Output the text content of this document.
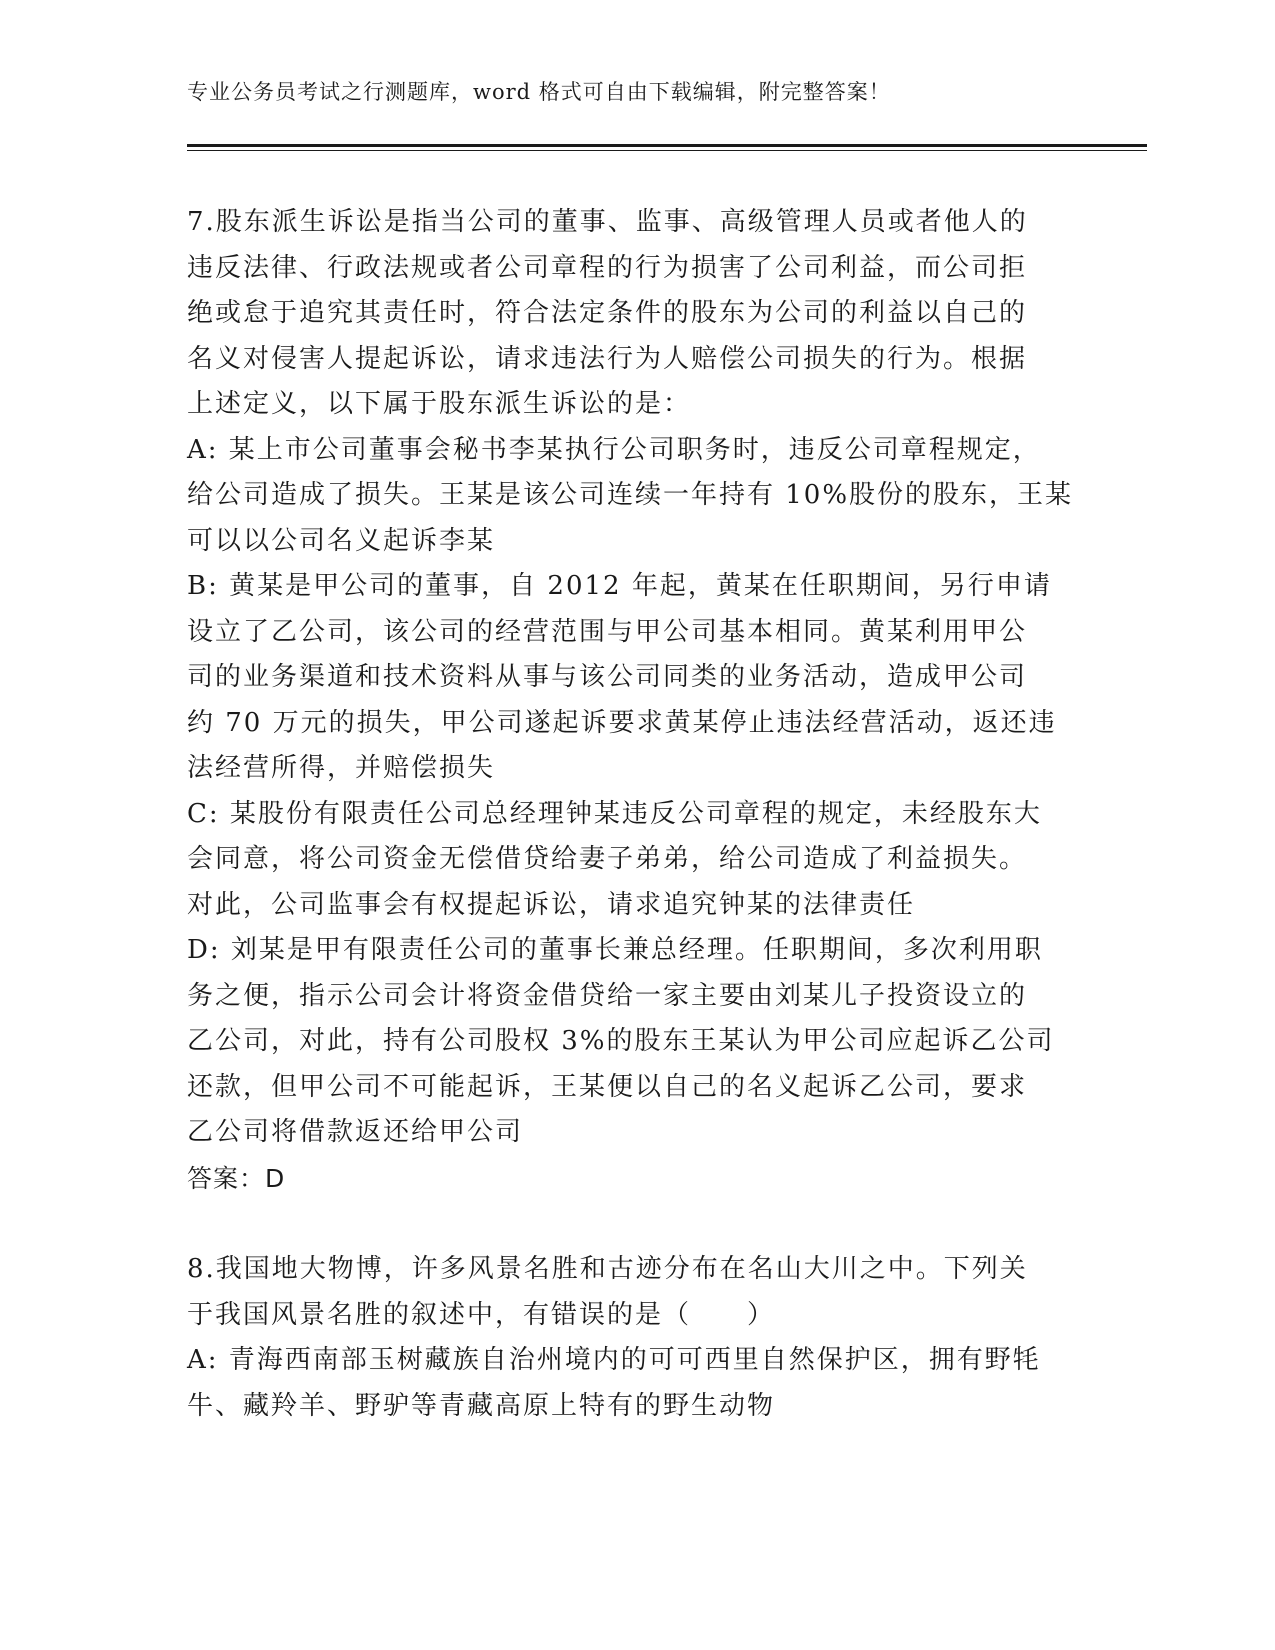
专业公务员考试之行测题库，word 格式可自由下载编辑，附完整答案！
7.股东派生诉讼是指当公司的董事、监事、高级管理人员或者他人的
违反法律、行政法规或者公司章程的行为损害了公司利益，而公司拒
绝或怠于追究其责任时，符合法定条件的股东为公司的利益以自己的
名义对侵害人提起诉讼，请求违法行为人赔偿公司损失的行为。根据
上述定义，以下属于股东派生诉讼的是：
A: 某上市公司董事会秘书李某执行公司职务时，违反公司章程规定，
给公司造成了损失。王某是该公司连续一年持有 10%股份的股东，王某
可以以公司名义起诉李某
B: 黄某是甲公司的董事，自 2012 年起，黄某在任职期间，另行申请
设立了乙公司，该公司的经营范围与甲公司基本相同。黄某利用甲公
司的业务渠道和技术资料从事与该公司同类的业务活动，造成甲公司
约 70 万元的损失，甲公司遂起诉要求黄某停止违法经营活动，返还违
法经营所得，并赔偿损失
C: 某股份有限责任公司总经理钟某违反公司章程的规定，未经股东大
会同意，将公司资金无偿借贷给妻子弟弟，给公司造成了利益损失。
对此，公司监事会有权提起诉讼，请求追究钟某的法律责任
D: 刘某是甲有限责任公司的董事长兼总经理。任职期间，多次利用职
务之便，指示公司会计将资金借贷给一家主要由刘某儿子投资设立的
乙公司，对此，持有公司股权 3%的股东王某认为甲公司应起诉乙公司
还款，但甲公司不可能起诉，王某便以自己的名义起诉乙公司，要求
乙公司将借款返还给甲公司
答案：D
8.我国地大物博，许多风景名胜和古迹分布在名山大川之中。下列关
于我国风景名胜的叙述中，有错误的是（　　）
A: 青海西南部玉树藏族自治州境内的可可西里自然保护区，拥有野牦
牛、藏羚羊、野驴等青藏高原上特有的野生动物
